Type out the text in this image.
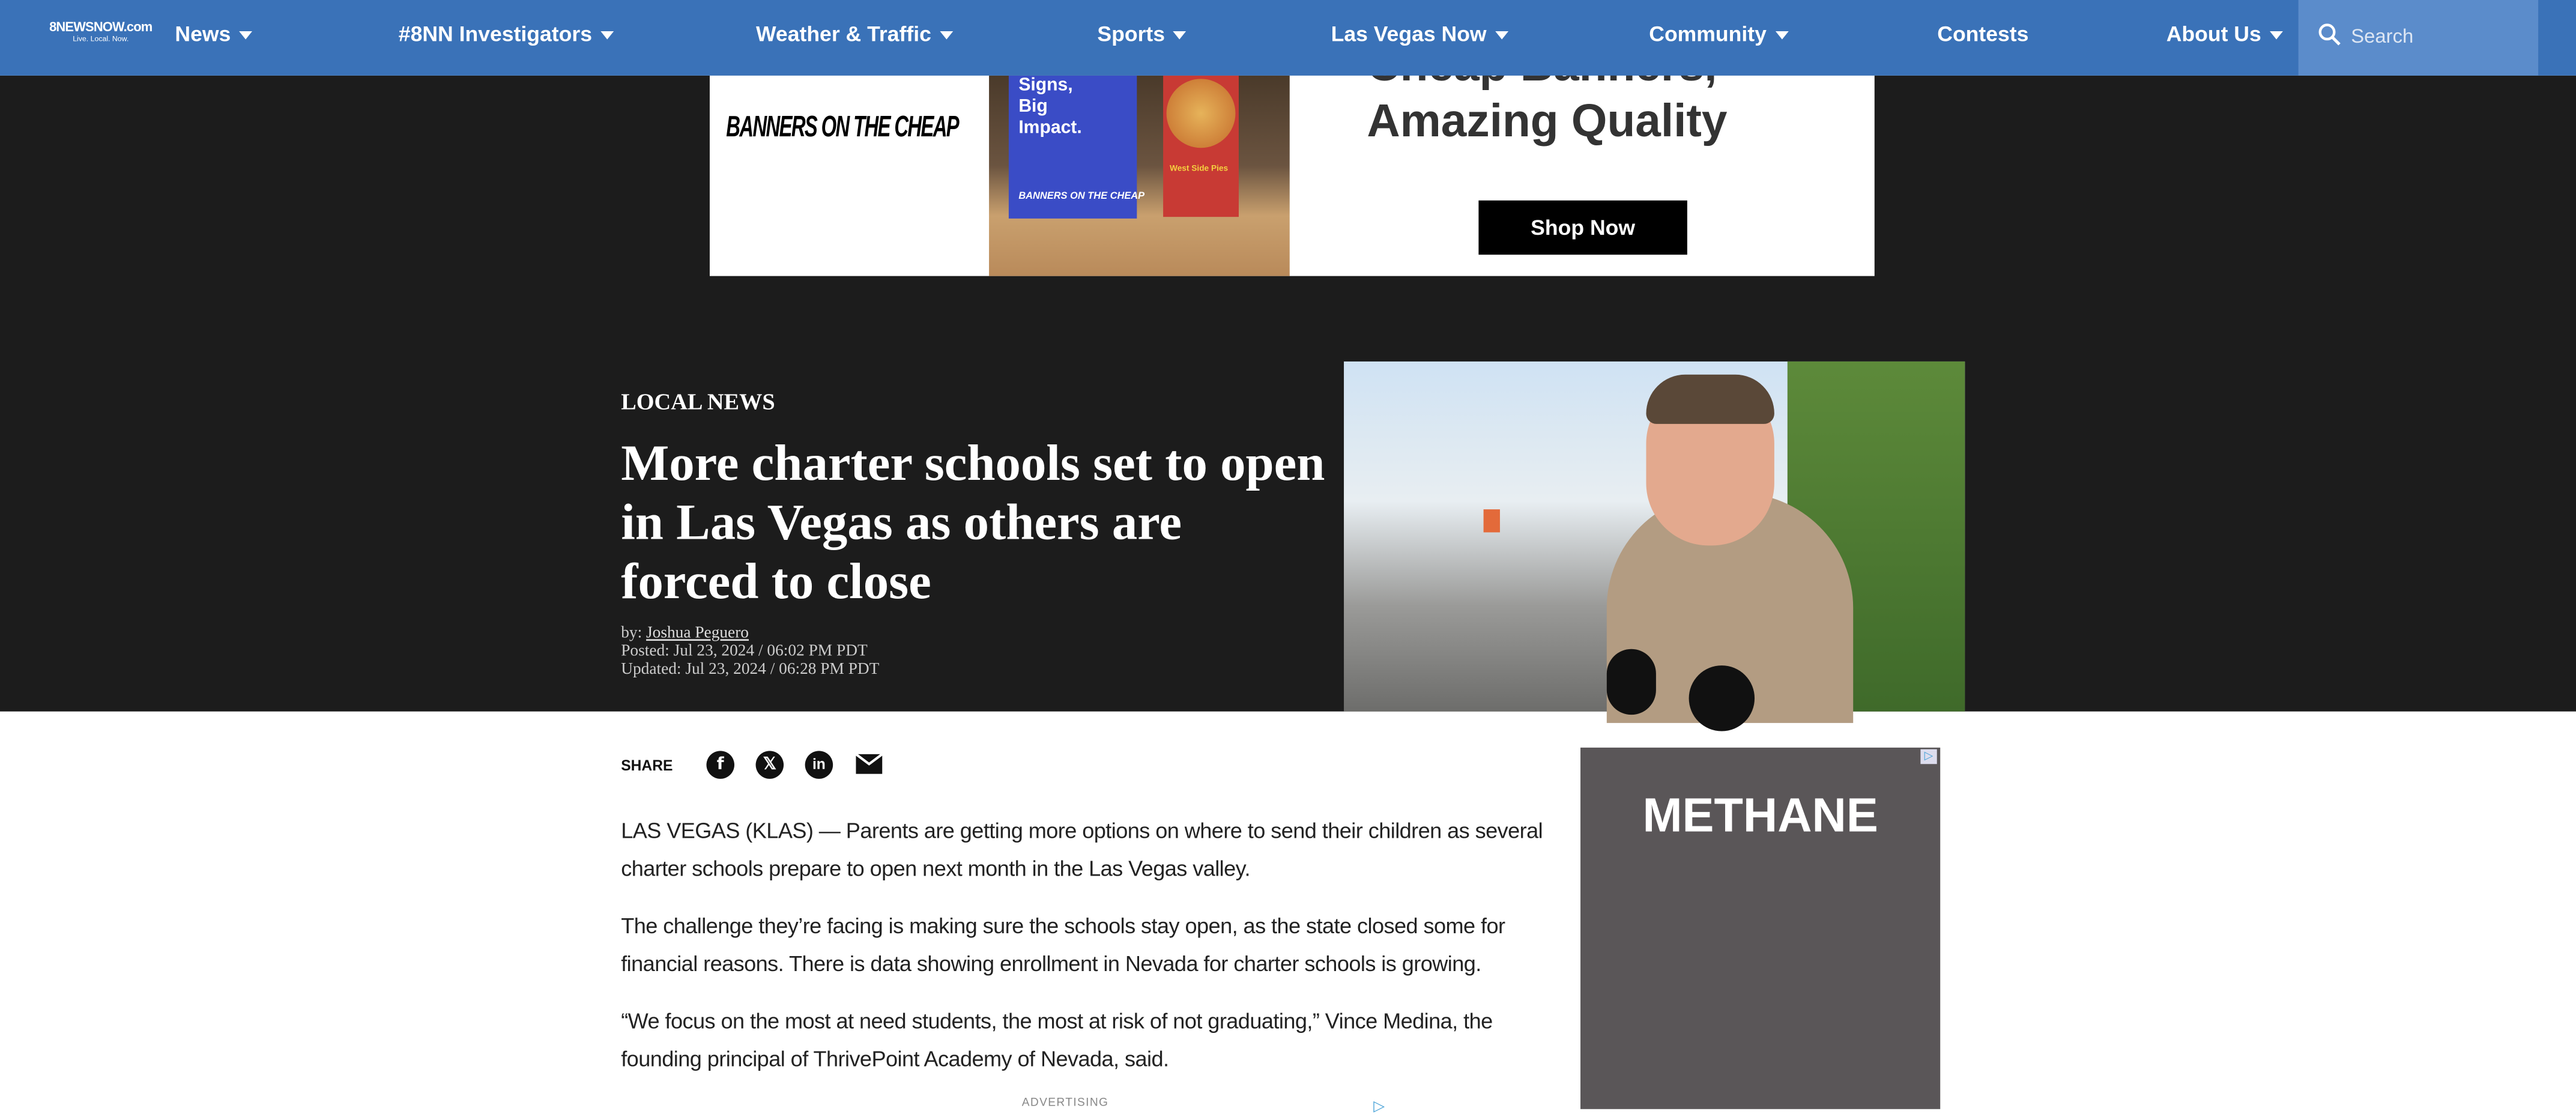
8NEWSNOW.com
Live. Local. Now.	News	#8NN Investigators	Weather & Traffic	Sports	Las Vegas Now	Community	Contests	About Us
Search
BANNERS ON THE CHEAP
Signs, Big Impact.
BANNERS ON THE CHEAP
West Side Pies
Amazing Quality
Shop Now
LOCAL NEWS
More charter schools set to open in Las Vegas as others are forced to close
by: Joshua Peguero
Posted: Jul 23, 2024 / 06:02 PM PDT
Updated: Jul 23, 2024 / 06:28 PM PDT
SHARE	f	𝕏	in

LAS VEGAS (KLAS) — Parents are getting more options on where to send their children as several charter schools prepare to open next month in the Las Vegas valley.

The challenge they’re facing is making sure the schools stay open, as the state closed some for financial reasons. There is data showing enrollment in Nevada for charter schools is growing.

“We focus on the most at need students, the most at risk of not graduating,” Vince Medina, the founding principal of ThrivePoint Academy of Nevada, said.

ADVERTISING	▷
▷
METHANE
